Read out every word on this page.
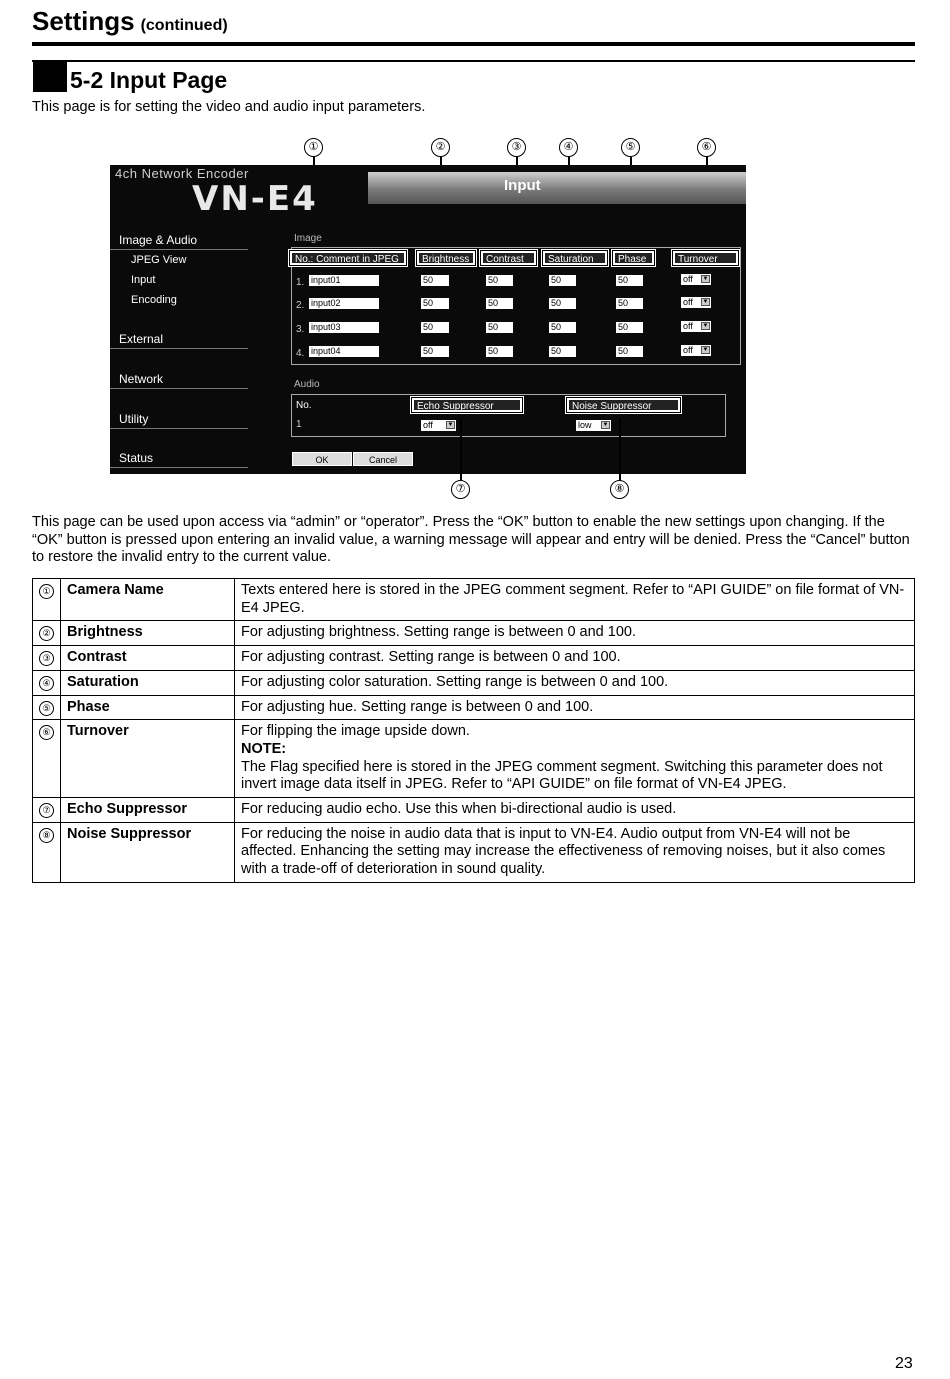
Settings (continued)
5-2 Input Page
This page is for setting the video and audio input parameters.
①	②	③	④	⑤	⑥
4ch Network Encoder
VN-E4	Input
Image & Audio
JPEG View
Input
Encoding
External
Network
Utility
Status
Image
No.: Comment in JPEG	Brightness	Contrast	Saturation	Phase	Turnover
1. input01	50	50	50	50	off ▼
2. input02	50	50	50	50	off ▼
3. input03	50	50	50	50	off ▼
4. input04	50	50	50	50	off ▼
Audio
No.	Echo Suppressor	Noise Suppressor
1	off ▼	low ▼
OK	Cancel
⑦	⑧
This page can be used upon access via “admin” or “operator”. Press the “OK” button to enable the new settings upon changing. If the “OK” button is pressed upon entering an invalid value, a warning message will appear and entry will be denied. Press the “Cancel” button to restore the invalid entry to the current value.
①	Camera Name	Texts entered here is stored in the JPEG comment segment. Refer to “API GUIDE” on file format of VN-E4 JPEG.
②	Brightness	For adjusting brightness. Setting range is between 0 and 100.
③	Contrast	For adjusting contrast. Setting range is between 0 and 100.
④	Saturation	For adjusting color saturation. Setting range is between 0 and 100.
⑤	Phase	For adjusting hue. Setting range is between 0 and 100.
⑥	Turnover	For flipping the image upside down.
NOTE:
The Flag specified here is stored in the JPEG comment segment. Switching this parameter does not invert image data itself in JPEG. Refer to “API GUIDE” on file format of VN-E4 JPEG.

⑦	Echo Suppressor	For reducing audio echo. Use this when bi-directional audio is used.
⑧	Noise Suppressor	For reducing the noise in audio data that is input to VN-E4. Audio output from VN-E4 will not be affected. Enhancing the setting may increase the effectiveness of removing noises, but it also comes with a trade-off of deterioration in sound quality.
23
